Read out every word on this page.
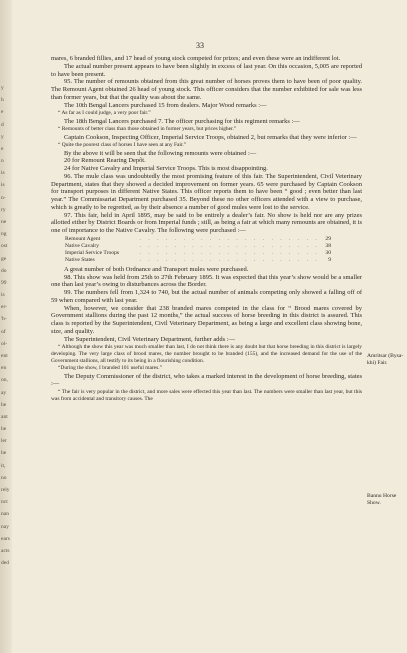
y
h
e
d
y
e
n
is
is
n-
ry
ne
ng
ost
ge
do
99
is
er-
'h-
of
ol-
ent
en
on,
ay
he
ant
he
ler
he
it,
no
rely
nct
nan
nay
ears
acts
ded
33

mares, 6 branded fillies, and 17 head of young stock competed for prizes; and even these were an indifferent lot.

The actual number present appears to have been slightly in excess of last year. On this occasion, 5,005 are reported to have been present.

95. The number of remounts obtained from this great number of horses proves them to have been of poor quality. The Remount Agent obtained 26 head of young stock. This officer considers that the number exhibited for sale was less than former years, but that the quality was about the same.

The 10th Bengal Lancers purchased 15 from dealers. Major Wood remarks :—

“ As far as I could judge, a very poor fair.”

The 18th Bengal Lancers purchased 7. The officer purchasing for this regiment remarks :—

“ Remounts of better class than those obtained in former years, but prices higher.”

Captain Cookson, Inspecting Officer, Imperial Service Troops, obtained 2, but remarks that they were inferior :—

“ Quite the poorest class of horses I have seen at any Fair.”

By the above it will be seen that the following remounts were obtained :—

20 for Remount Rearing Depôt.

24 for Native Cavalry and Imperial Service Troops. This is most disappointing.

96. The mule class was undoubtedly the most promising feature of this fair. The Superintendent, Civil Veterinary Department, states that they showed a decided improvement on former years. 65 were purchased by Captain Cookson for transport purposes in different Native States. This officer reports them to have been “ good ; even better than last year.” The Commissariat Department purchased 35. Beyond these no other officers attended with a view to purchase, which is greatly to be regretted, as by their absence a number of good mules were lost to the service.

97. This fair, held in April 1895, may be said to be entirely a dealer’s fair. No show is held nor are any prizes allotted either by District Boards or from Imperial funds ; still, as being a fair at which many remounts are obtained, it is one of importance to the Native Cavalry. The following were purchased :—

Remount Agent	. . . . . . . . . . . . . . . . . . . . . 29
Native Cavalry	. . . . . . . . . . . . . . . . . . . . . 38
Imperial Service Troops	. . . . . . . . . . . . . . . . . . . . . 30
Native States	. . . . . . . . . . . . . . . . . . . . .	9

A great number of both Ordnance and Transport mules were purchased.

98. This show was held from 25th to 27th February 1895. It was expected that this year’s show would be a smaller one than last year’s owing to disturbances across the Border.

99. The numbers fell from 1,324 to 740, but the actual number of animals competing only showed a falling off of 59 when compared with last year.

When, however, we consider that 238 branded mares competed in the class for “ Brood mares covered by Government stallions during the past 12 months,” the actual success of horse breeding in this district is assured. This class is reported by the Superintendent, Civil Veterinary Department, as being a large and excellent class showing bone, size, and quality.

The Superintendent, Civil Veterinary Department, further adds :—

“ Although the show this year was much smaller than last, I do not think there is any doubt but that horse breeding in this district is largely developing. The very large class of brood mares, the number brought to be branded (155), and the increased demand for the use of the Government stallions, all testify to its being in a flourishing condition.

“During the show, I branded 101 useful mares.”

The Deputy Commissioner of the district, who takes a marked interest in the development of horse breeding, states :—

“ The fair is very popular in the district, and more sales were effected this year than last. The numbers were smaller than last year, but this was from accidental and transitory causes. The

Amritsar (Bysa-khi) Fair.
Bannu Horse Show.
